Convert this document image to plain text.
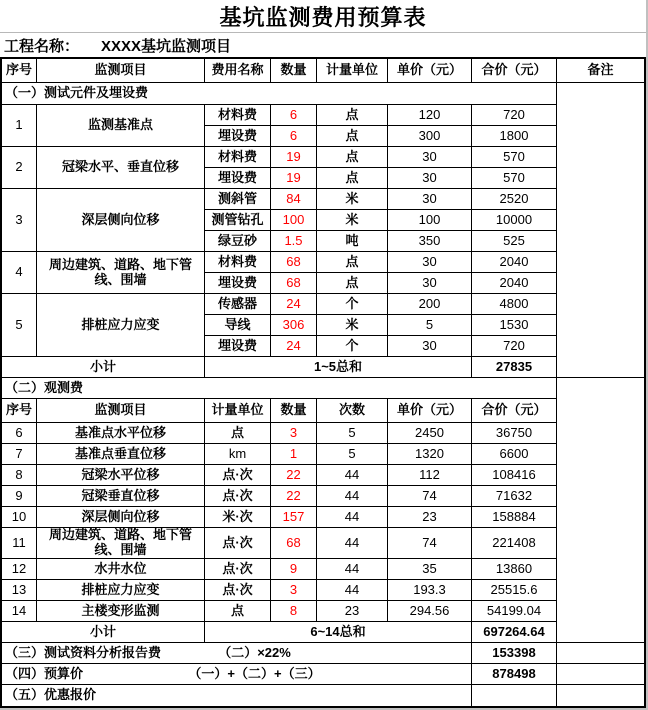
基坑监测费用预算表
工程名称： XXXX基坑监测项目
序号	监测项目	费用名称	数量	计量单位	单价（元）	合价（元）	备注
（一）测试元件及埋设费
1	监测基准点
材料费	6	点	120	720
埋设费	6	点	300	1800
2	冠梁水平、垂直位移
材料费	19	点	30	570
埋设费	19	点	30	570
3	深层侧向位移
测斜管	84	米	30	2520
测管钻孔	100	米	100	10000
绿豆砂	1.5	吨	350	525
4	周边建筑、道路、地下管线、围墙
材料费	68	点	30	2040
埋设费	68	点	30	2040
5	排桩应力应变
传感器	24	个	200	4800
导线	306	米	5	1530
埋设费	24	个	30	720
小计	1~5总和	27835
（二）观测费
序号	监测项目	计量单位	数量	次数	单价（元）	合价（元）
6	基准点水平位移	点	3	5	2450	36750
7	基准点垂直位移	km	1	5	1320	6600
8	冠梁水平位移	点·次	22	44	112	108416
9	冠梁垂直位移	点·次	22	44	74	71632
10	深层侧向位移	米·次	157	44	23	158884
11	周边建筑、道路、地下管线、围墙	点·次	68	44	74	221408
12	水井水位	点·次	9	44	35	13860
13	排桩应力应变	点·次	3	44	193.3	25515.6
14	主楼变形监测	点	8	23	294.56	54199.04
小计	6~14总和	697264.64
（三）测试资料分析报告费	（二）×22%	153398
（四）预算价	（一）+（二）+（三）	878498
（五）优惠报价
